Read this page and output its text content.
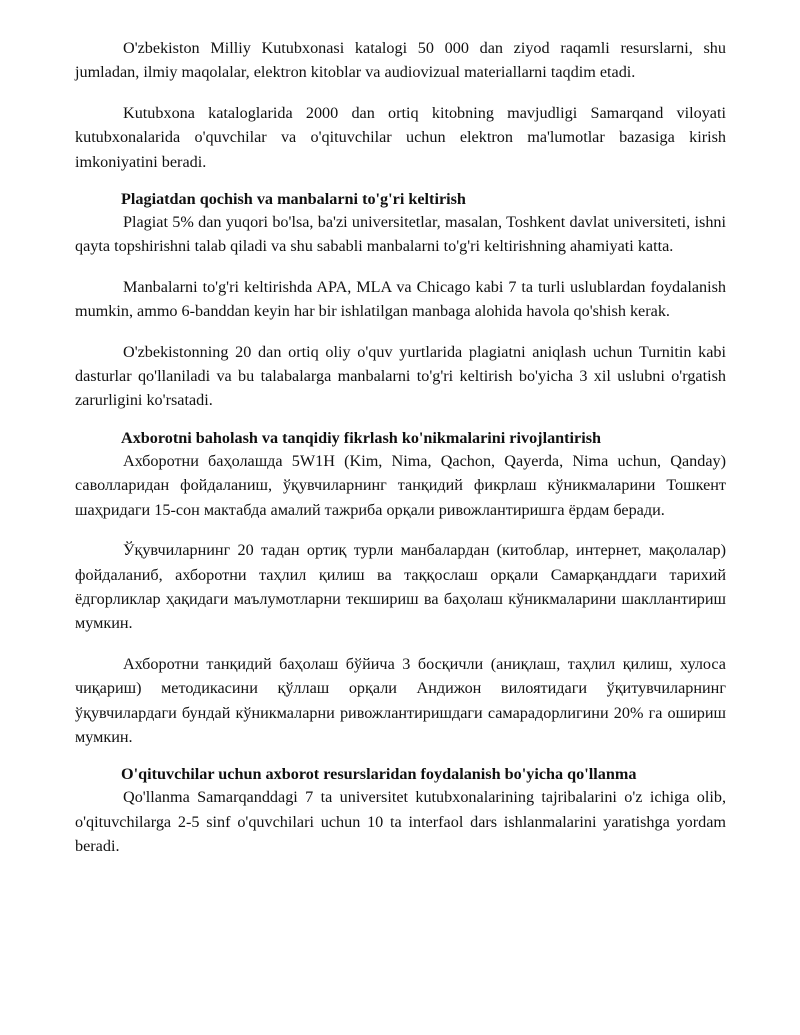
O'zbekiston Milliy Kutubxonasi katalogi 50 000 dan ziyod raqamli resurslarni, shu jumladan, ilmiy maqolalar, elektron kitoblar va audiovizual materiallarni taqdim etadi.

Kutubxona kataloglarida 2000 dan ortiq kitobning mavjudligi Samarqand viloyati kutubxonalarida o'quvchilar va o'qituvchilar uchun elektron ma'lumotlar bazasiga kirish imkoniyatini beradi.

Plagiatdan qochish va manbalarni to'g'ri keltirish

Plagiat 5% dan yuqori bo'lsa, ba'zi universitetlar, masalan, Toshkent davlat universiteti, ishni qayta topshirishni talab qiladi va shu sababli manbalarni to'g'ri keltirishning ahamiyati katta.

Manbalarni to'g'ri keltirishda APA, MLA va Chicago kabi 7 ta turli uslublardan foydalanish mumkin, ammo 6-banddan keyin har bir ishlatilgan manbaga alohida havola qo'shish kerak.

O'zbekistonning 20 dan ortiq oliy o'quv yurtlarida plagiatni aniqlash uchun Turnitin kabi dasturlar qo'llaniladi va bu talabalarga manbalarni to'g'ri keltirish bo'yicha 3 xil uslubni o'rgatish zarurligini ko'rsatadi.

Axborotni baholash va tanqidiy fikrlash ko'nikmalarini rivojlantirish

Ахборотни баҳолашда 5W1H (Kim, Nima, Qachon, Qayerda, Nima uchun, Qanday) саволларидан фойдаланиш, ўқувчиларнинг танқидий фикрлаш кўникмаларини Тошкент шаҳридаги 15-сон мактабда амалий тажриба орқали ривожлантиришга ёрдам беради.

Ўқувчиларнинг 20 тадан ортиқ турли манбалардан (китоблар, интернет, мақолалар) фойдаланиб, ахборотни таҳлил қилиш ва таққослаш орқали Самарқанддаги тарихий ёдгорликлар ҳақидаги маълумотларни текшириш ва баҳолаш кўникмаларини шакллантириш мумкин.

Ахборотни танқидий баҳолаш бўйича 3 босқичли (аниқлаш, таҳлил қилиш, хулоса чиқариш) методикасини қўллаш орқали Андижон вилоятидаги ўқитувчиларнинг ўқувчилардаги бундай кўникмаларни ривожлантиришдаги самарадорлигини 20% га ошириш мумкин.

O'qituvchilar uchun axborot resurslaridan foydalanish bo'yicha qo'llanma

Qo'llanma Samarqanddagi 7 ta universitet kutubxonalarining tajribalarini o'z ichiga olib, o'qituvchilarga 2-5 sinf o'quvchilari uchun 10 ta interfaol dars ishlanmalarini yaratishga yordam beradi.
